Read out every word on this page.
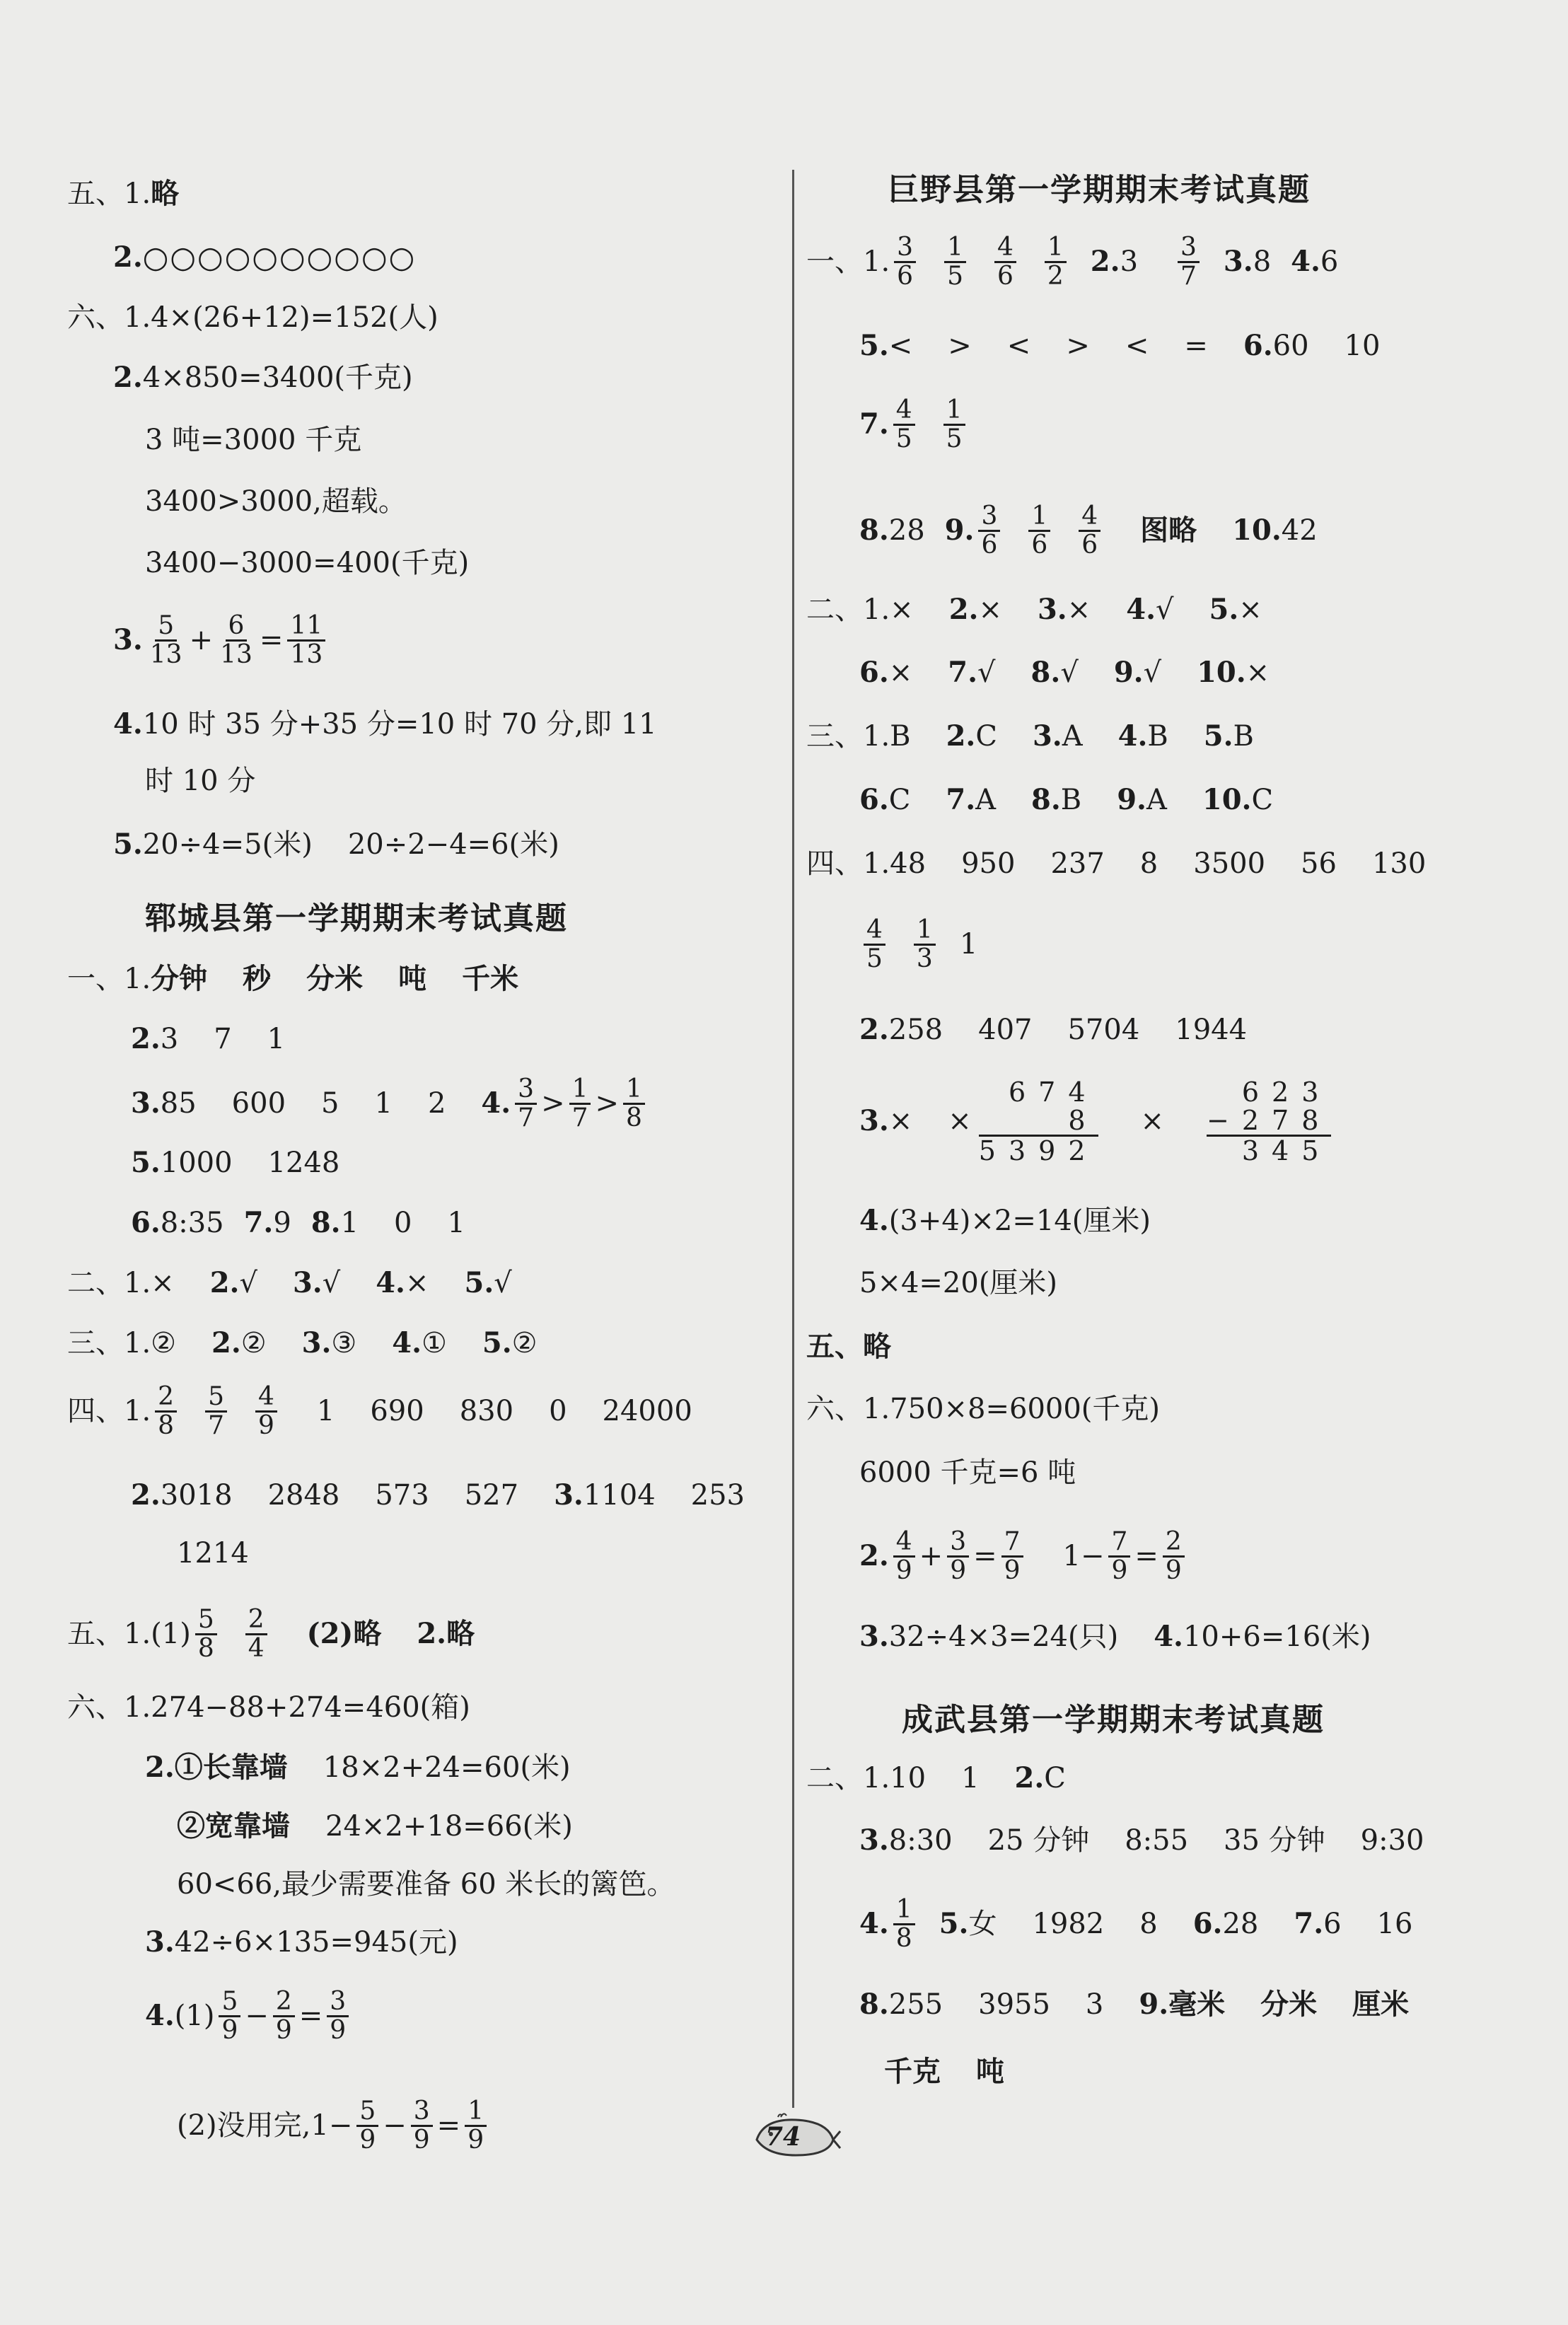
五、1. 略
2. ○○○○○○○○○○
六、1. 4×(26+12)=152(人)
2. 4×850=3400(千克)
3 吨=3000 千克
3400>3000,超载。
3400−3000=400(千克)
3. 5
$13 + \frac{6}{13} = \frac{11}{13}$
4. 10 时 35 分+35 分=10 时 70 分,即 11
时 10 分
5. 20÷4=5(米) 20÷2−4=6(米)
郓城县第一学期期末考试真题
一、1. 分钟 秒 分米 吨 千米
2. 3 7 1
3. 85 600 5 1 2 4. 3
7 > 1
7 > 1
8
5. 1000 1248
6. 8:35 7. 9 8. 1 0 1
二、1. × 2. √ 3. √ 4. × 5. √
三、1. ② 2. ② 3. ③ 4. ① 5. ②
四、1. 2
8
5
7
4
9 1 690 830 0 24000
2. 3018 2848 573 527 3. 1104 253
1214
五、1. (1) 5
8
2
4 (2)略 2. 略
六、1. 274−88+274=460(箱)
2. ①长靠墙 18×2+24=60(米)
②宽靠墙 24×2+18=66(米)
60<66,最少需要准备 60 米长的篱笆。
3. 42÷6×135=945(元)
4. (1) 5
$9 - \frac{2}{9} = \frac{3}{9}$
(2)没用完$,1- \frac{5}{9} - \frac{3}{9} = \frac{1}{9}$
巨野县第一学期期末考试真题
一、1. 3
6
1
5
4
6
1
2 2. 3 3
7 3. 8 4. 6
5. < > < > < = 6. 60 10
7. 4
5
1
5
8. 28 9. 3
6
1
6
4
6 图略 10. 42
二、1. × 2. × 3. × 4. √ 5. ×
6. × 7. √ 8. √ 9. √ 10. ×
三、1. B 2. C 3. A 4. B 5. B
6. C 7. A 8. B 9. A 10. C
四、1. 48 950 237 8 3500 56 130
4
5
1
3 1
2. 258 407 5704 1944
3. × ×
674
8
5392
×
623
−278
345
4. (3+4)×2=14(厘米)
5×4=20(厘米)
五、 略
六、1. 750×8=6000(千克)
6000 千克=6 吨
2. 4
$9 + \frac{3}{9} = \frac{7}{9} 1- \frac{7}{9} = \frac{2}{9}$
3. 32÷4×3=24(只) 4. 10+6=16(米)
成武县第一学期期末考试真题
二、1. 10 1 2. C
3. 8:30 25 分钟 8:55 35 分钟 9:30
4. 1
8 5. 女 1982 8 6. 28 7. 6 16
8. 255 3955 3 9. 毫米 分米 厘米
千克 吨
74
